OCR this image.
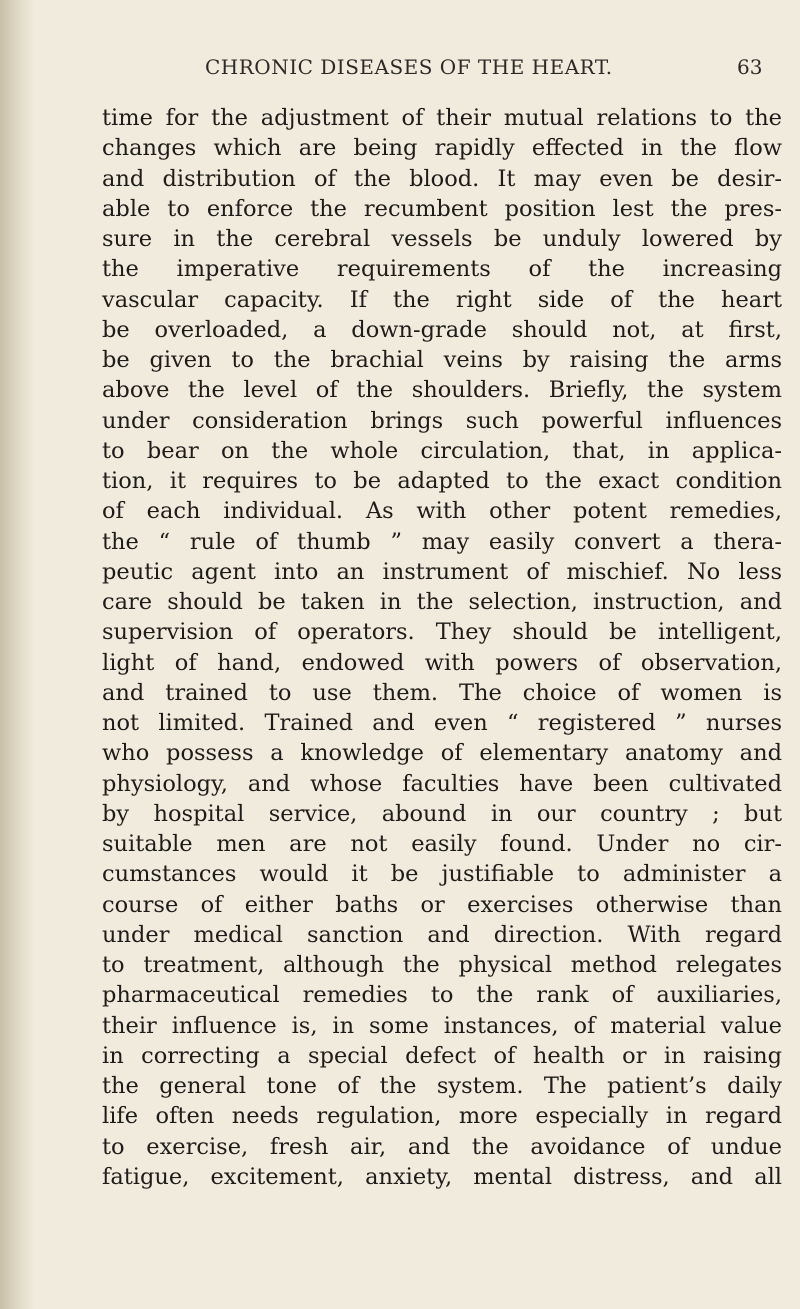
CHRONIC DISEASES OF THE HEART.	63
time for the adjustment of their mutual relations to the
changes which are being rapidly effected in the flow
and distribution of the blood. It may even be desir-
able to enforce the recumbent position lest the pres-
sure in the cerebral vessels be unduly lowered by
the imperative requirements of the increasing
vascular capacity. If the right side of the heart
be overloaded, a down-grade should not, at first,
be given to the brachial veins by raising the arms
above the level of the shoulders. Briefly, the system
under consideration brings such powerful influences
to bear on the whole circulation, that, in applica-
tion, it requires to be adapted to the exact condition
of each individual. As with other potent remedies,
the “ rule of thumb ” may easily convert a thera-
peutic agent into an instrument of mischief. No less
care should be taken in the selection, instruction, and
supervision of operators. They should be intelligent,
light of hand, endowed with powers of observation,
and trained to use them. The choice of women is
not limited. Trained and even “ registered ” nurses
who possess a knowledge of elementary anatomy and
physiology, and whose faculties have been cultivated
by hospital service, abound in our country ; but
suitable men are not easily found. Under no cir-
cumstances would it be justifiable to administer a
course of either baths or exercises otherwise than
under medical sanction and direction. With regard
to treatment, although the physical method relegates
pharmaceutical remedies to the rank of auxiliaries,
their influence is, in some instances, of material value
in correcting a special defect of health or in raising
the general tone of the system. The patient’s daily
life often needs regulation, more especially in regard
to exercise, fresh air, and the avoidance of undue
fatigue, excitement, anxiety, mental distress, and all
